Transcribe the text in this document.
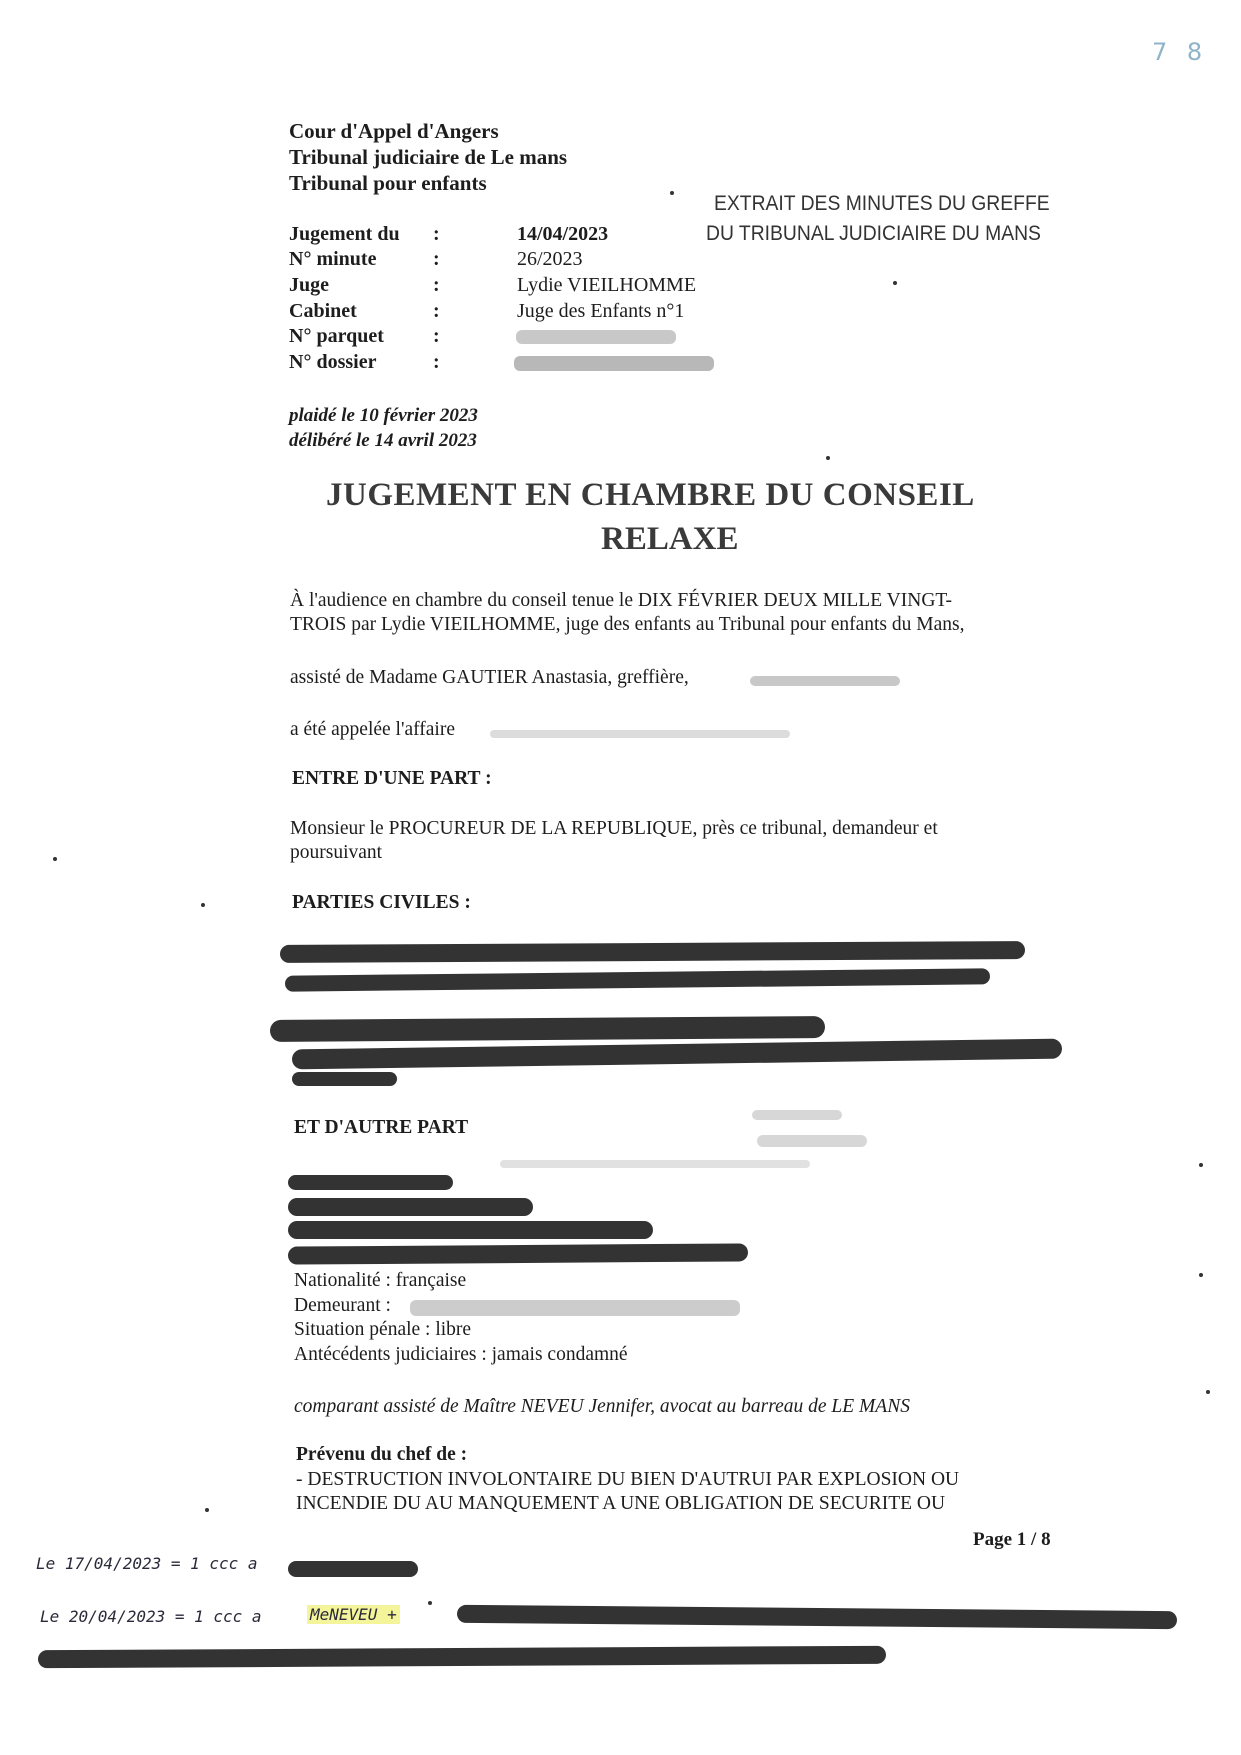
7 8
Cour d'Appel d'Angers
Tribunal judiciaire de Le mans
Tribunal pour enfants
EXTRAIT DES MINUTES DU GREFFE
DU TRIBUNAL JUDICIAIRE DU MANS
Jugement du :	14/04/2023
N° minute	:	26/2023
Juge	:	Lydie VIEILHOMME
Cabinet	:	Juge des Enfants n°1
N° parquet :
N° dossier	:
plaidé le 10 février 2023
délibéré le 14 avril 2023
JUGEMENT EN CHAMBRE DU CONSEIL
RELAXE
À l'audience en chambre du conseil tenue le DIX FÉVRIER DEUX MILLE VINGT-
TROIS par Lydie VIEILHOMME, juge des enfants au Tribunal pour enfants du Mans,
assisté de Madame GAUTIER Anastasia, greffière,
a été appelée l'affaire
ENTRE D'UNE PART :
Monsieur le PROCUREUR DE LA REPUBLIQUE, près ce tribunal, demandeur et
poursuivant
PARTIES CIVILES :
ET D'AUTRE PART
Nationalité : française
Demeurant :
Situation pénale : libre
Antécédents judiciaires : jamais condamné
comparant assisté de Maître NEVEU Jennifer, avocat au barreau de LE MANS
Prévenu du chef de :
- DESTRUCTION INVOLONTAIRE DU BIEN D'AUTRUI PAR EXPLOSION OU
INCENDIE DU AU MANQUEMENT A UNE OBLIGATION DE SECURITE OU
Page 1 / 8
Le 17/04/2023 = 1 ccc a
Le 20/04/2023 = 1 ccc a	MeNEVEU +
